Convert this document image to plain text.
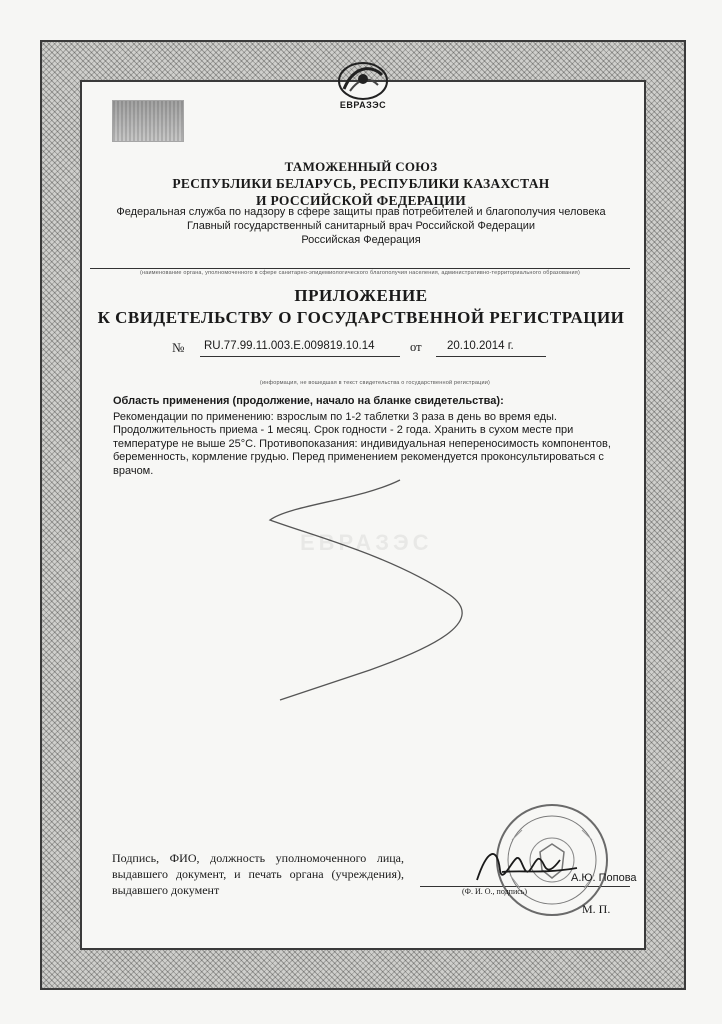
ЕВРАЗЭС
ТАМОЖЕННЫЙ СОЮЗ
РЕСПУБЛИКИ БЕЛАРУСЬ, РЕСПУБЛИКИ КАЗАХСТАН
И РОССИЙСКОЙ ФЕДЕРАЦИИ
Федеральная служба по надзору в сфере защиты прав потребителей и благополучия человека
Главный государственный санитарный врач Российской Федерации
Российская Федерация
(наименование органа, уполномоченного в сфере санитарно-эпидемиологического благополучия населения, административно-территориального образования)
ПРИЛОЖЕНИЕ
К СВИДЕТЕЛЬСТВУ О ГОСУДАРСТВЕННОЙ РЕГИСТРАЦИИ
№ RU.77.99.11.003.E.009819.10.14	от 20.10.2014 г.
(информация, не вошедшая в текст свидетельства о государственной регистрации)

Область применения (продолжение, начало на бланке свидетельства):

Рекомендации по применению: взрослым по 1-2 таблетки 3 раза в день во время еды.

Продолжительность приема - 1 месяц. Срок годности - 2 года. Хранить в сухом месте при

температуре не выше 25°С. Противопоказания: индивидуальная непереносимость компонентов,

беременность, кормление грудью. Перед применением рекомендуется проконсультироваться с

врачом.

ЕВРАЗЭС
Подпись, ФИО, должность уполномоченного лица, выдавшего документ, и печать органа (учреждения), выдавшего документ
А.Ю. Попова
(Ф. И. О., подпись)
М. П.
